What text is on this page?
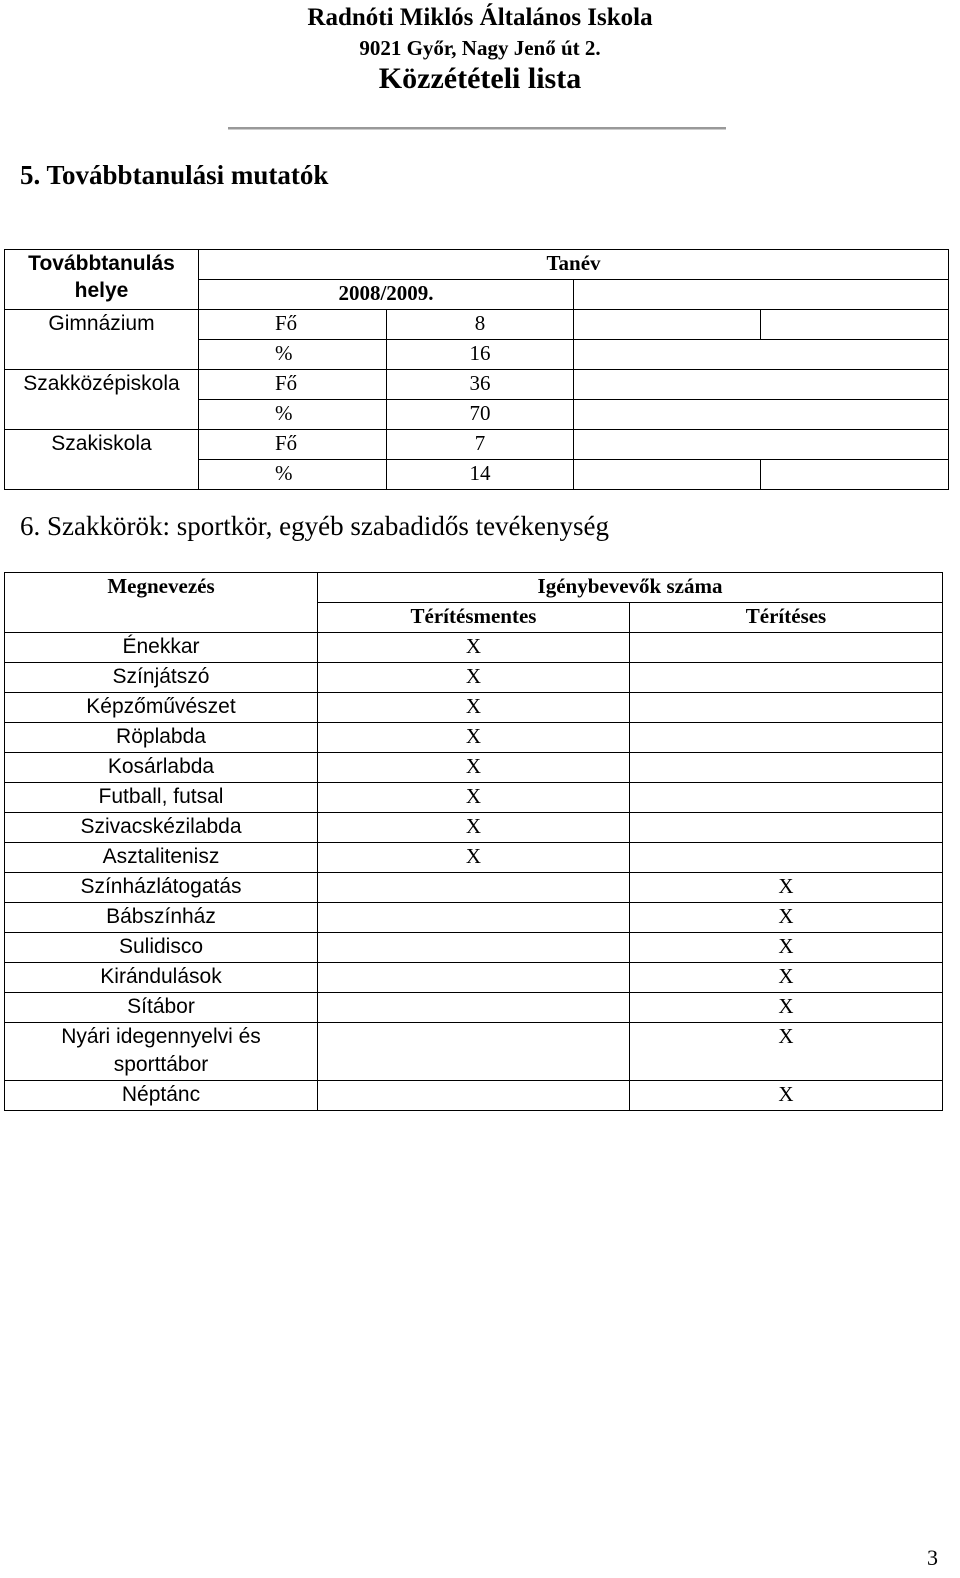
Radnóti Miklós Általános Iskola
9021 Győr, Nagy Jenő út 2.
Közzétételi lista
5. Továbbtanulási mutatók
Továbbtanulás
helye	Tanév			
	2008/2009.			
Gimnázium	Fő	8		
	%	16		
Szakközépiskola	Fő	36		
	%	70		
Szakiskola	Fő	7		
	%	14		
6. Szakkörök: sportkör, egyéb szabadidős tevékenység
Megnevezés	Igénybevevők száma	
	Térítésmentes	Térítéses
Énekkar	X	
Színjátszó	X	
Képzőművészet	X	
Röplabda	X	
Kosárlabda	X	
Futball, futsal	X	
Szivacskézilabda	X	
Asztalitenisz	X	
Színházlátogatás		X
Bábszínház		X
Sulidisco		X
Kirándulások		X
Sítábor		X

Nyári idegennyelvi és
sporttábor		X
Néptánc		X
3
